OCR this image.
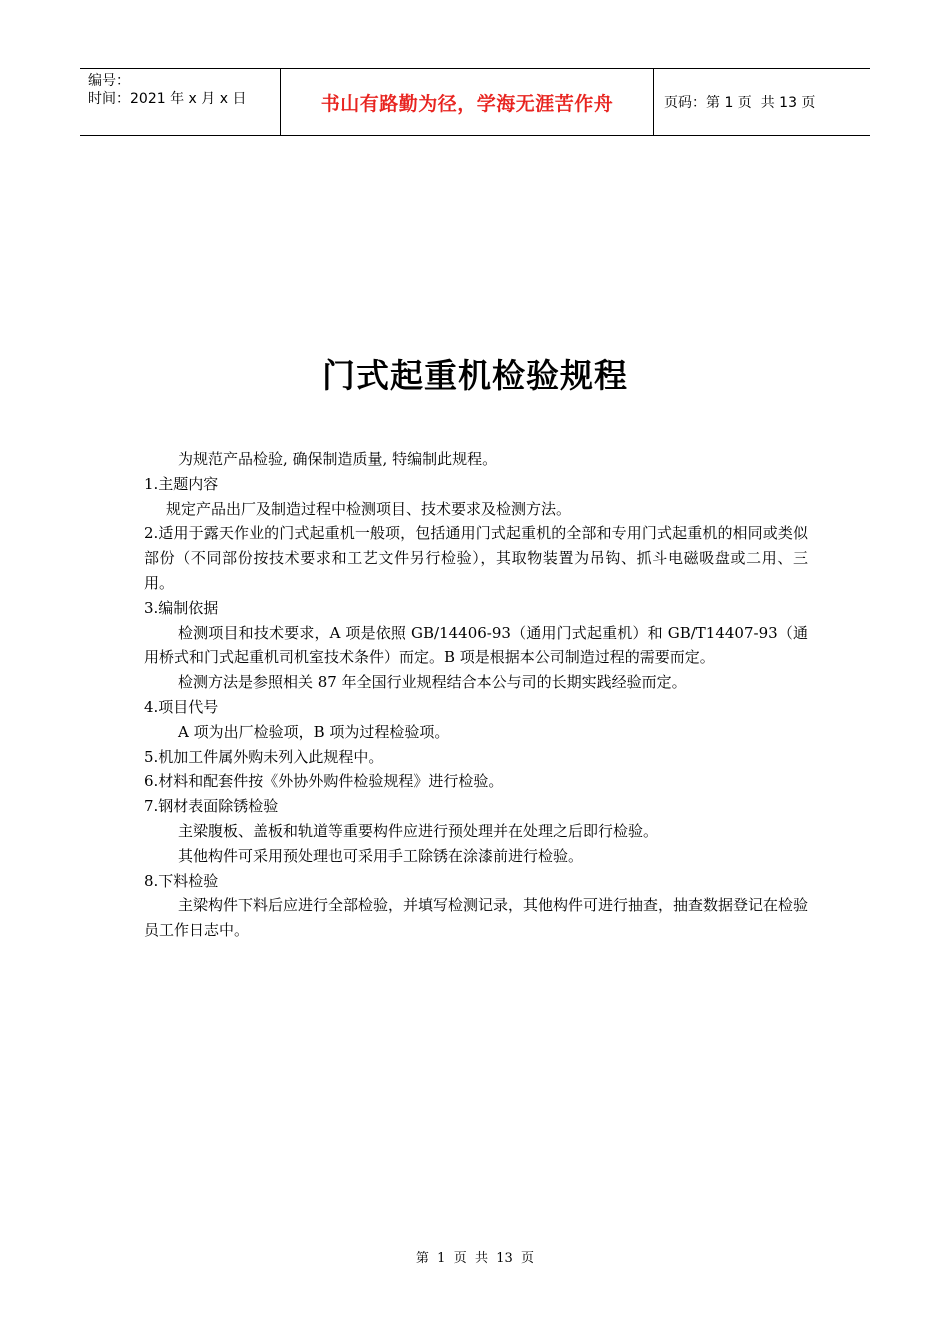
编号：
时间：2021 年 x 月 x 日	书山有路勤为径，学海无涯苦作舟	页码：第 1 页  共 13 页
门式起重机检验规程

为规范产品检验, 确保制造质量, 特编制此规程。

1.主题内容

规定产品出厂及制造过程中检测项目、技术要求及检测方法。

2.适用于露天作业的门式起重机一般项，包括通用门式起重机的全部和专用门式起重机的相同或类似部份（不同部份按技术要求和工艺文件另行检验），其取物装置为吊钩、抓斗电磁吸盘或二用、三用。

3.编制依据

检测项目和技术要求，A 项是依照 GB/14406-93（通用门式起重机）和 GB/T14407-93（通用桥式和门式起重机司机室技术条件）而定。B 项是根据本公司制造过程的需要而定。

检测方法是参照相关 87 年全国行业规程结合本公与司的长期实践经验而定。

4.项目代号

A 项为出厂检验项，B 项为过程检验项。

5.机加工件属外购未列入此规程中。

6.材料和配套件按《外协外购件检验规程》进行检验。

7.钢材表面除锈检验

主梁腹板、盖板和轨道等重要构件应进行预处理并在处理之后即行检验。

其他构件可采用预处理也可采用手工除锈在涂漆前进行检验。

8.下料检验

主梁构件下料后应进行全部检验，并填写检测记录，其他构件可进行抽查，抽查数据登记在检验员工作日志中。

第  1  页  共  13  页
